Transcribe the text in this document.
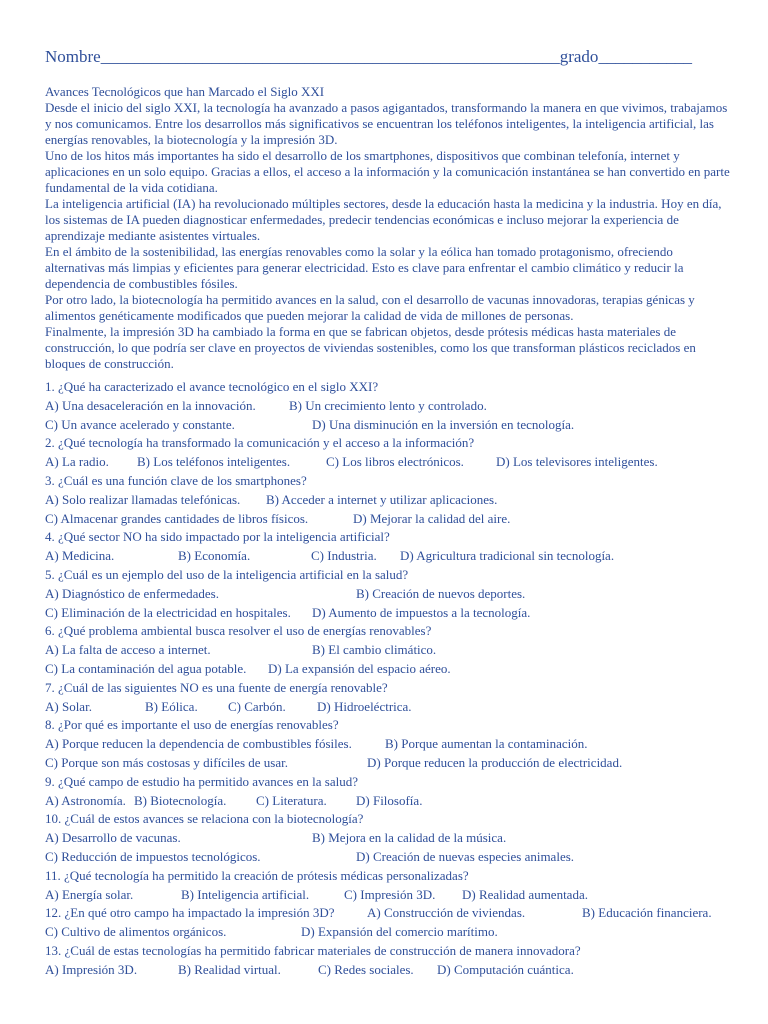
Nombre______________________________________________________grado___________

Avances Tecnológicos que han Marcado el Siglo XXI

Desde el inicio del siglo XXI, la tecnología ha avanzado a pasos agigantados, transformando la manera en que vivimos, trabajamos y nos comunicamos. Entre los desarrollos más significativos se encuentran los teléfonos inteligentes, la inteligencia artificial, las energías renovables, la biotecnología y la impresión 3D.

Uno de los hitos más importantes ha sido el desarrollo de los smartphones, dispositivos que combinan telefonía, internet y aplicaciones en un solo equipo. Gracias a ellos, el acceso a la información y la comunicación instantánea se han convertido en parte fundamental de la vida cotidiana.

La inteligencia artificial (IA) ha revolucionado múltiples sectores, desde la educación hasta la medicina y la industria. Hoy en día, los sistemas de IA pueden diagnosticar enfermedades, predecir tendencias económicas e incluso mejorar la experiencia de aprendizaje mediante asistentes virtuales.

En el ámbito de la sostenibilidad, las energías renovables como la solar y la eólica han tomado protagonismo, ofreciendo alternativas más limpias y eficientes para generar electricidad. Esto es clave para enfrentar el cambio climático y reducir la dependencia de combustibles fósiles.

Por otro lado, la biotecnología ha permitido avances en la salud, con el desarrollo de vacunas innovadoras, terapias génicas y alimentos genéticamente modificados que pueden mejorar la calidad de vida de millones de personas.

Finalmente, la impresión 3D ha cambiado la forma en que se fabrican objetos, desde prótesis médicas hasta materiales de construcción, lo que podría ser clave en proyectos de viviendas sostenibles, como los que transforman plásticos reciclados en bloques de construcción.

1. ¿Qué ha caracterizado el avance tecnológico en el siglo XXI?
A) Una desaceleración en la innovación.	B) Un crecimiento lento y controlado.
C) Un avance acelerado y constante.	D) Una disminución en la inversión en tecnología.
2. ¿Qué tecnología ha transformado la comunicación y el acceso a la información?
A) La radio. B) Los teléfonos inteligentes.	C) Los libros electrónicos. D) Los televisores inteligentes.
3. ¿Cuál es una función clave de los smartphones?
A) Solo realizar llamadas telefónicas. B) Acceder a internet y utilizar aplicaciones.
C) Almacenar grandes cantidades de libros físicos.	D) Mejorar la calidad del aire.
4. ¿Qué sector NO ha sido impactado por la inteligencia artificial?
A) Medicina.	B) Economía.	C) Industria. D) Agricultura tradicional sin tecnología.
5. ¿Cuál es un ejemplo del uso de la inteligencia artificial en la salud?
A) Diagnóstico de enfermedades.	B) Creación de nuevos deportes.
C) Eliminación de la electricidad en hospitales. D) Aumento de impuestos a la tecnología.
6. ¿Qué problema ambiental busca resolver el uso de energías renovables?
A) La falta de acceso a internet.	B) El cambio climático.
C) La contaminación del agua potable. D) La expansión del espacio aéreo.
7. ¿Cuál de las siguientes NO es una fuente de energía renovable?
A) Solar.	B) Eólica. C) Carbón. D) Hidroeléctrica.
8. ¿Por qué es importante el uso de energías renovables?
A) Porque reducen la dependencia de combustibles fósiles.	B) Porque aumentan la contaminación.
C) Porque son más costosas y difíciles de usar.	D) Porque reducen la producción de electricidad.
9. ¿Qué campo de estudio ha permitido avances en la salud?
A) Astronomía. B) Biotecnología. C) Literatura. D) Filosofía.
10. ¿Cuál de estos avances se relaciona con la biotecnología?
A) Desarrollo de vacunas.	B) Mejora en la calidad de la música.
C) Reducción de impuestos tecnológicos.	D) Creación de nuevas especies animales.
11. ¿Qué tecnología ha permitido la creación de prótesis médicas personalizadas?
A) Energía solar.	B) Inteligencia artificial.	C) Impresión 3D. D) Realidad aumentada.
12. ¿En qué otro campo ha impactado la impresión 3D? A) Construcción de viviendas.	B) Educación financiera.
C) Cultivo de alimentos orgánicos.	D) Expansión del comercio marítimo.
13. ¿Cuál de estas tecnologías ha permitido fabricar materiales de construcción de manera innovadora?
A) Impresión 3D.	B) Realidad virtual.	C) Redes sociales. D) Computación cuántica.
